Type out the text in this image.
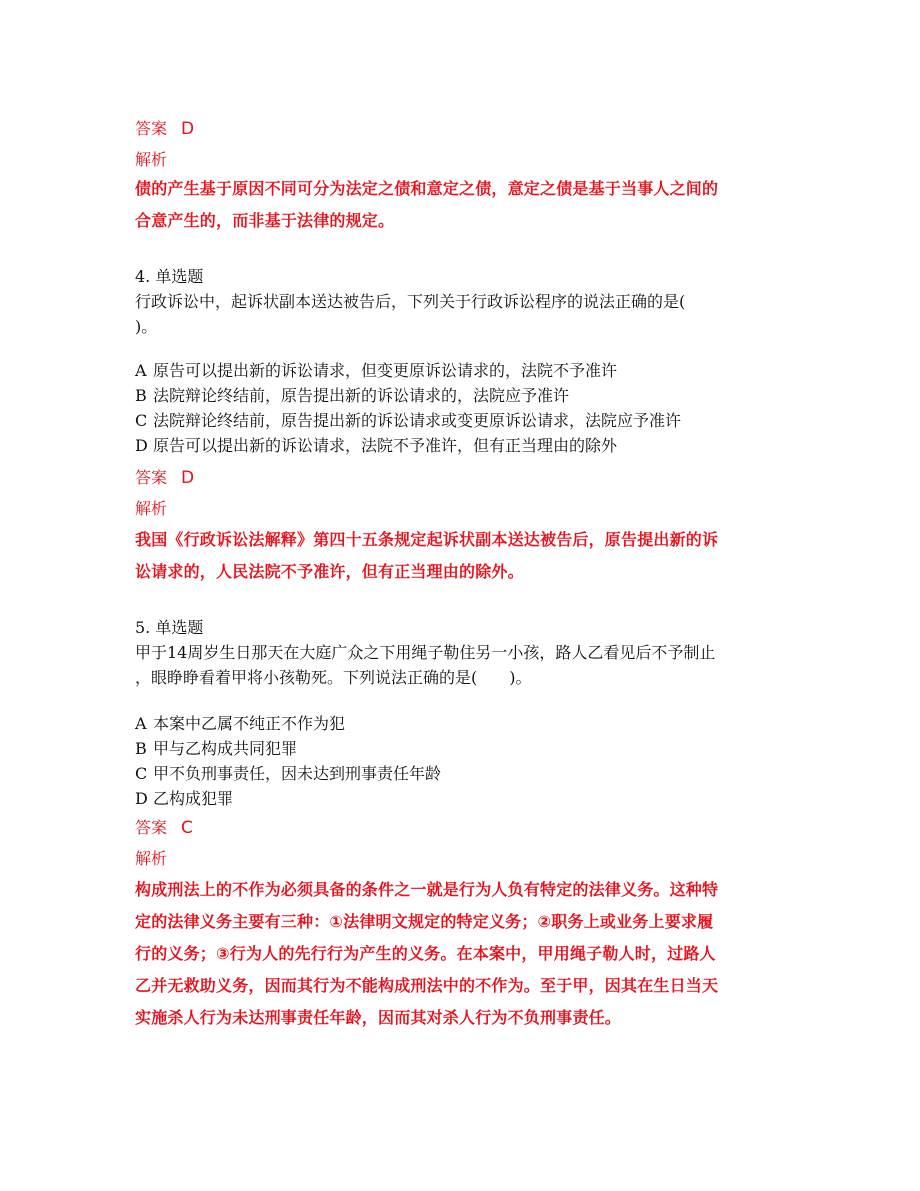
答案 D
解析
债的产生基于原因不同可分为法定之债和意定之债，意定之债是基于当事人之间的
合意产生的，而非基于法律的规定。
4. 单选题
行政诉讼中，起诉状副本送达被告后，下列关于行政诉讼程序的说法正确的是(
)。
A 原告可以提出新的诉讼请求，但变更原诉讼请求的，法院不予准许
B 法院辩论终结前，原告提出新的诉讼请求的，法院应予准许
C 法院辩论终结前，原告提出新的诉讼请求或变更原诉讼请求，法院应予准许
D 原告可以提出新的诉讼请求，法院不予准许，但有正当理由的除外
答案 D
解析
我国《行政诉讼法解释》第四十五条规定起诉状副本送达被告后，原告提出新的诉
讼请求的，人民法院不予准许，但有正当理由的除外。
5. 单选题
甲于14周岁生日那天在大庭广众之下用绳子勒住另一小孩，路人乙看见后不予制止
，眼睁睁看着甲将小孩勒死。下列说法正确的是(　　)。
A 本案中乙属不纯正不作为犯
B 甲与乙构成共同犯罪
C 甲不负刑事责任，因未达到刑事责任年龄
D 乙构成犯罪
答案 C
解析
构成刑法上的不作为必须具备的条件之一就是行为人负有特定的法律义务。这种特
定的法律义务主要有三种：①法律明文规定的特定义务；②职务上或业务上要求履
行的义务；③行为人的先行行为产生的义务。在本案中，甲用绳子勒人时，过路人
乙并无救助义务，因而其行为不能构成刑法中的不作为。至于甲，因其在生日当天
实施杀人行为未达刑事责任年龄，因而其对杀人行为不负刑事责任。
